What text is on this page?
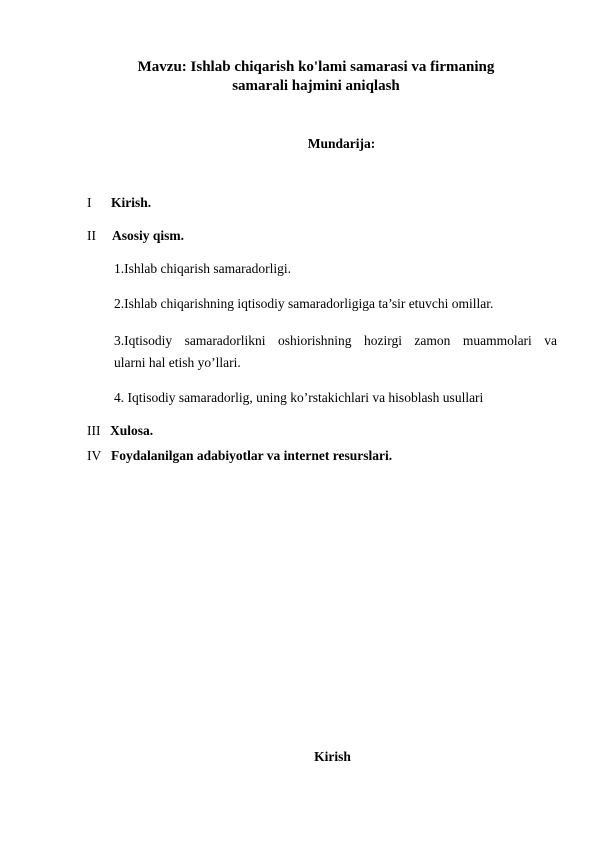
Mavzu: Ishlab chiqarish ko'lami samarasi va firmaning
samarali hajmini aniqlash
Mundarija:
I Kirish.
II Asosiy qism.
1.Ishlab chiqarish samaradorligi.
2.Ishlab chiqarishning iqtisodiy samaradorligiga ta’sir etuvchi omillar.
3.Iqtisodiy samaradorlikni oshiorishning hozirgi zamon muammolari va
ularni hal etish yo’llari.
4. Iqtisodiy samaradorlig, uning ko’rstakichlari va hisoblash usullari
III Xulosa.
IV Foydalanilgan adabiyotlar va internet resurslari.
Kirish
